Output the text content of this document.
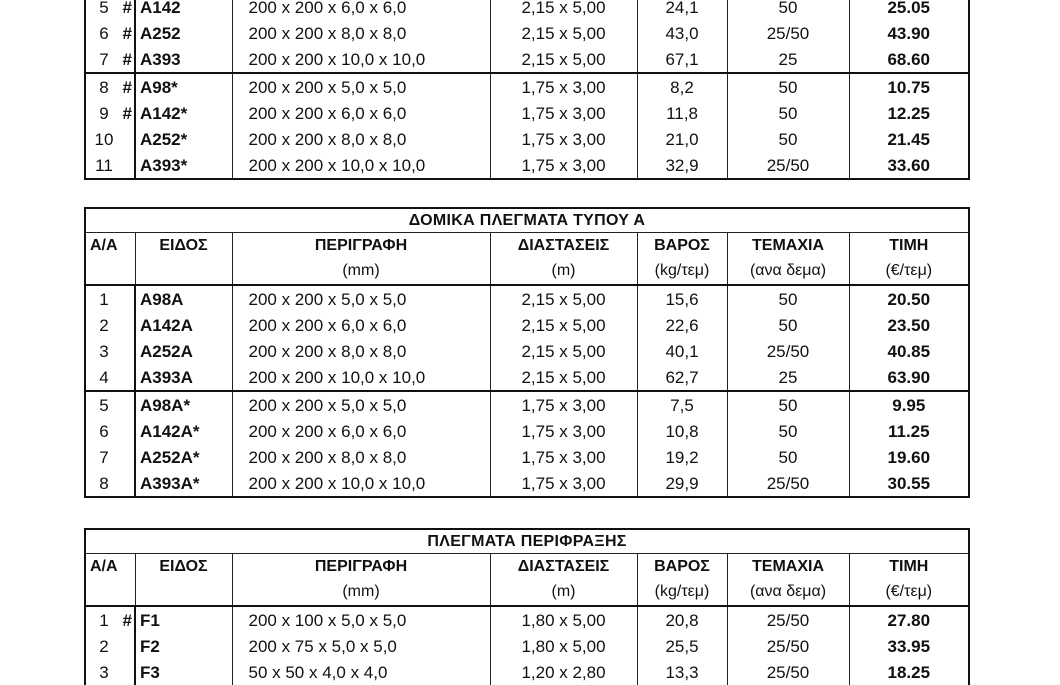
5 #	A142	200 x 200 x 6,0 x 6,0	2,15 x 5,00	24,1	50	25.05
6 #	A252	200 x 200 x 8,0 x 8,0	2,15 x 5,00	43,0	25/50	43.90
7 #	A393	200 x 200 x 10,0 x 10,0	2,15 x 5,00	67,1	25	68.60
8 #	A98*	200 x 200 x 5,0 x 5,0	1,75 x 3,00	8,2	50	10.75
9 #	A142*	200 x 200 x 6,0 x 6,0	1,75 x 3,00	11,8	50	12.25
10	A252*	200 x 200 x 8,0 x 8,0	1,75 x 3,00	21,0	50	21.45
11	A393*	200 x 200 x 10,0 x 10,0	1,75 x 3,00	32,9	25/50	33.60
ΔΟΜΙΚΑ ΠΛΕΓΜΑΤΑ ΤΥΠΟΥ Α						
Α/Α	ΕΙΔΟΣ	ΠΕΡΙΓΡΑΦΗ	ΔΙΑΣΤΑΣΕΙΣ	ΒΑΡΟΣ	ΤΕΜΑΧΙΑ	ΤΙΜΗ
		(mm)	(m)	(kg/τεμ)	(ανα δεμα)	(€/τεμ)
1	A98A	200 x 200 x 5,0 x 5,0	2,15 x 5,00	15,6	50	20.50
2	A142A	200 x 200 x 6,0 x 6,0	2,15 x 5,00	22,6	50	23.50
3	A252A	200 x 200 x 8,0 x 8,0	2,15 x 5,00	40,1	25/50	40.85
4	A393A	200 x 200 x 10,0 x 10,0	2,15 x 5,00	62,7	25	63.90
5	A98A*	200 x 200 x 5,0 x 5,0	1,75 x 3,00	7,5	50	9.95
6	A142A*	200 x 200 x 6,0 x 6,0	1,75 x 3,00	10,8	50	11.25
7	A252A*	200 x 200 x 8,0 x 8,0	1,75 x 3,00	19,2	50	19.60
8	A393A*	200 x 200 x 10,0 x 10,0	1,75 x 3,00	29,9	25/50	30.55
ΠΛΕΓΜΑΤΑ ΠΕΡΙΦΡΑΞΗΣ						
Α/Α	ΕΙΔΟΣ	ΠΕΡΙΓΡΑΦΗ	ΔΙΑΣΤΑΣΕΙΣ	ΒΑΡΟΣ	ΤΕΜΑΧΙΑ	ΤΙΜΗ
		(mm)	(m)	(kg/τεμ)	(ανα δεμα)	(€/τεμ)
1 #	F1	200 x 100 x 5,0 x 5,0	1,80 x 5,00	20,8	25/50	27.80
2	F2	200 x 75 x 5,0 x 5,0	1,80 x 5,00	25,5	25/50	33.95
3	F3	50 x 50 x 4,0 x 4,0	1,20 x 2,80	13,3	25/50	18.25
